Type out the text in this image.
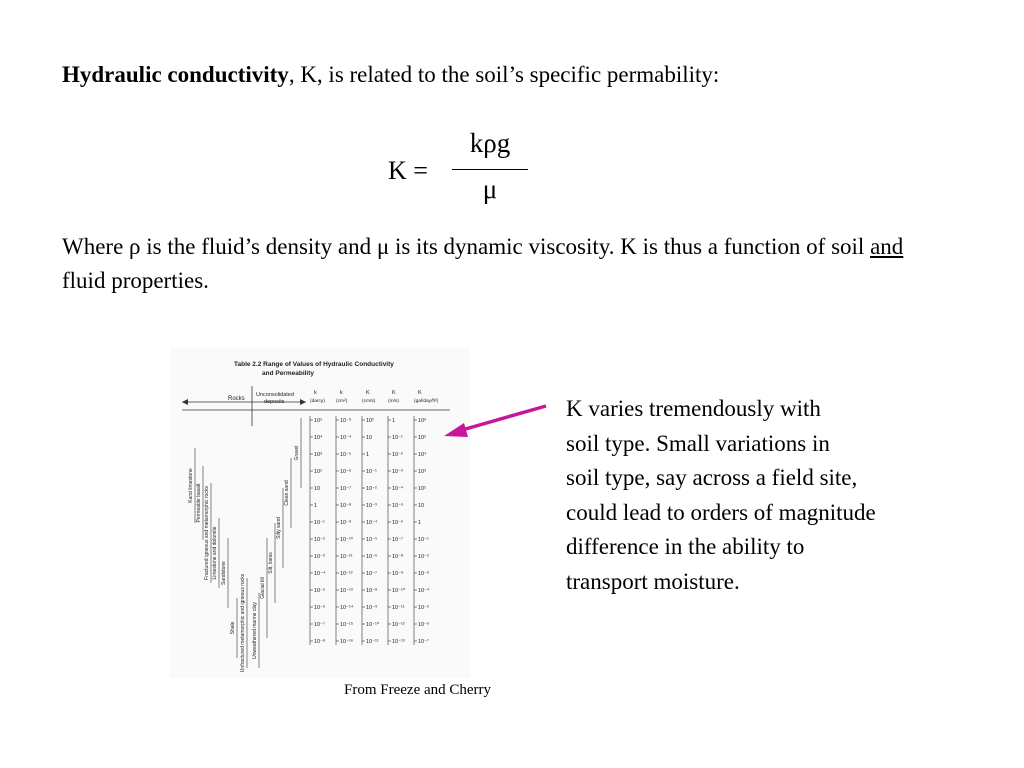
Hydraulic conductivity, K, is related to the soil’s specific permability:
K =
kρg
μ
Where ρ is the fluid’s density and μ is its dynamic viscosity. K is thus a function of soil and fluid properties.
Table 2.2 Range of Values of Hydraulic Conductivity
and Permeability
Rocks
Unconsolidated
deposits
k
(darcy)
k
(cm²)
K
(cm/s)
K
(m/s)
K
(gal/day/ft²)
10⁵
10⁴
10³
10²
10
1
10⁻¹
10⁻²
10⁻³
10⁻⁴
10⁻⁵
10⁻⁶
10⁻⁷
10⁻⁸
10⁻³
10⁻⁴
10⁻⁵
10⁻⁶
10⁻⁷
10⁻⁸
10⁻⁹
10⁻¹⁰
10⁻¹¹
10⁻¹²
10⁻¹³
10⁻¹⁴
10⁻¹⁵
10⁻¹⁶
10²
10
1
10⁻¹
10⁻²
10⁻³
10⁻⁴
10⁻⁵
10⁻⁶
10⁻⁷
10⁻⁸
10⁻⁹
10⁻¹⁰
10⁻¹¹
1
10⁻¹
10⁻²
10⁻³
10⁻⁴
10⁻⁵
10⁻⁶
10⁻⁷
10⁻⁸
10⁻⁹
10⁻¹⁰
10⁻¹¹
10⁻¹²
10⁻¹³
10⁶
10⁵
10⁴
10³
10²
10
1
10⁻¹
10⁻²
10⁻³
10⁻⁴
10⁻⁵
10⁻⁶
10⁻⁷
Karst limestone Permeable basalt Fractured igneous and metamorphic rocks Limestone and dolomite Sandstone
Shale Unfractured metamorphic and igneous rocks
Gravel
Clean sand
Silty sand
Silt, loess
Glacial till
Unweathered marine clay
K varies tremendously with
soil type. Small variations in
soil type, say across a field site,
could lead to orders of magnitude
difference in the ability to
transport moisture.
From Freeze and Cherry
